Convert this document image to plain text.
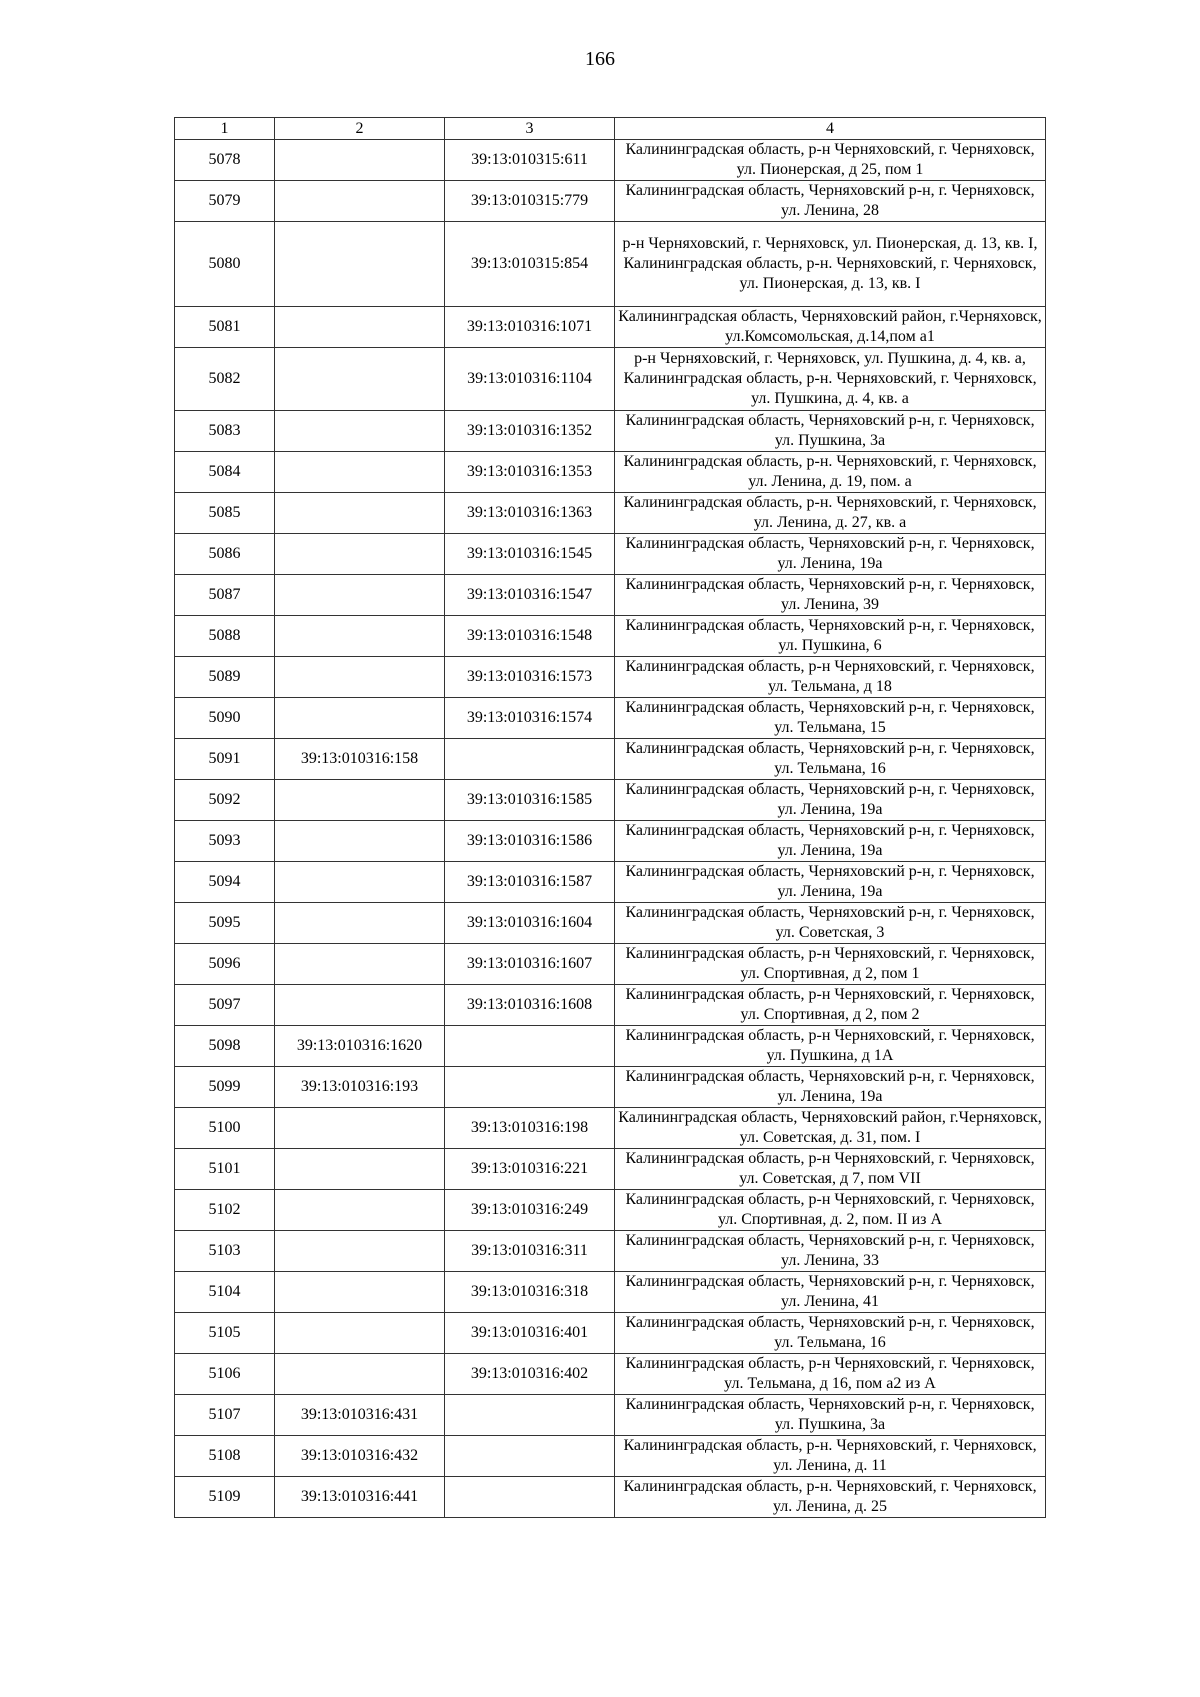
166
1	2	3	4
5078		39:13:010315:611	Калининградская область, р-н Черняховский, г. Черняховск, ул. Пионерская, д 25, пом 1
5079		39:13:010315:779	Калининградская область, Черняховский р-н, г. Черняховск, ул. Ленина, 28
5080		39:13:010315:854	р-н Черняховский, г. Черняховск, ул. Пионерская, д. 13, кв. I, Калининградская область, р-н. Черняховский, г. Черняховск, ул. Пионерская, д. 13, кв. I
5081		39:13:010316:1071	Калининградская область, Черняховский район, г.Черняховск, ул.Комсомольская, д.14,пом а1
5082		39:13:010316:1104	р-н Черняховский, г. Черняховск, ул. Пушкина, д. 4, кв. а, Калининградская область, р-н. Черняховский, г. Черняховск, ул. Пушкина, д. 4, кв. а
5083		39:13:010316:1352	Калининградская область, Черняховский р-н, г. Черняховск, ул. Пушкина, 3а
5084		39:13:010316:1353	Калининградская область, р-н. Черняховский, г. Черняховск, ул. Ленина, д. 19, пом. а
5085		39:13:010316:1363	Калининградская область, р-н. Черняховский, г. Черняховск, ул. Ленина, д. 27, кв. а
5086		39:13:010316:1545	Калининградская область, Черняховский р-н, г. Черняховск, ул. Ленина, 19а
5087		39:13:010316:1547	Калининградская область, Черняховский р-н, г. Черняховск, ул. Ленина, 39
5088		39:13:010316:1548	Калининградская область, Черняховский р-н, г. Черняховск, ул. Пушкина, 6
5089		39:13:010316:1573	Калининградская область, р-н Черняховский, г. Черняховск, ул. Тельмана, д 18
5090		39:13:010316:1574	Калининградская область, Черняховский р-н, г. Черняховск, ул. Тельмана, 15
5091	39:13:010316:158		Калининградская область, Черняховский р-н, г. Черняховск, ул. Тельмана, 16
5092		39:13:010316:1585	Калининградская область, Черняховский р-н, г. Черняховск, ул. Ленина, 19а
5093		39:13:010316:1586	Калининградская область, Черняховский р-н, г. Черняховск, ул. Ленина, 19а
5094		39:13:010316:1587	Калининградская область, Черняховский р-н, г. Черняховск, ул. Ленина, 19а
5095		39:13:010316:1604	Калининградская область, Черняховский р-н, г. Черняховск, ул. Советская, 3
5096		39:13:010316:1607	Калининградская область, р-н Черняховский, г. Черняховск, ул. Спортивная, д 2, пом 1
5097		39:13:010316:1608	Калининградская область, р-н Черняховский, г. Черняховск, ул. Спортивная, д 2, пом 2
5098	39:13:010316:1620		Калининградская область, р-н Черняховский, г. Черняховск, ул. Пушкина, д 1А
5099	39:13:010316:193		Калининградская область, Черняховский р-н, г. Черняховск, ул. Ленина, 19а
5100		39:13:010316:198	Калининградская область, Черняховский район, г.Черняховск, ул. Советская, д. 31, пом. I
5101		39:13:010316:221	Калининградская область, р-н Черняховский, г. Черняховск, ул. Советская, д 7, пом VII
5102		39:13:010316:249	Калининградская область, р-н Черняховский, г. Черняховск, ул. Спортивная, д. 2, пом. II из А
5103		39:13:010316:311	Калининградская область, Черняховский р-н, г. Черняховск, ул. Ленина, 33
5104		39:13:010316:318	Калининградская область, Черняховский р-н, г. Черняховск, ул. Ленина, 41
5105		39:13:010316:401	Калининградская область, Черняховский р-н, г. Черняховск, ул. Тельмана, 16
5106		39:13:010316:402	Калининградская область, р-н Черняховский, г. Черняховск, ул. Тельмана, д 16, пом а2 из А
5107	39:13:010316:431		Калининградская область, Черняховский р-н, г. Черняховск, ул. Пушкина, 3а
5108	39:13:010316:432		Калининградская область, р-н. Черняховский, г. Черняховск, ул. Ленина, д. 11
5109	39:13:010316:441		Калининградская область, р-н. Черняховский, г. Черняховск, ул. Ленина, д. 25
